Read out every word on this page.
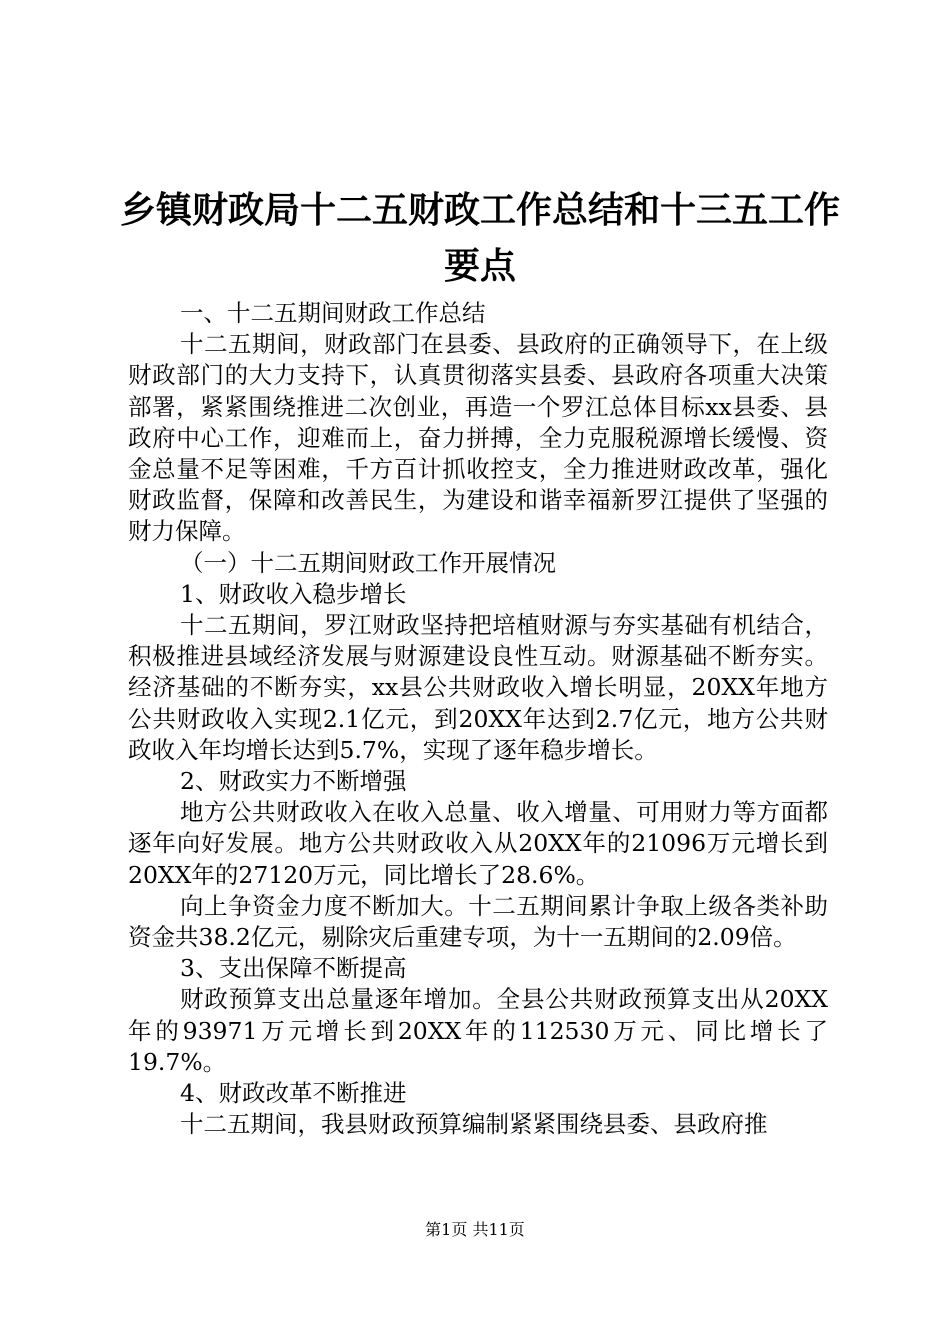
乡镇财政局十二五财政工作总结和十三五工作
要点

一、十二五期间财政工作总结

十二五期间，财政部门在县委、县政府的正确领导下，在上级财政部门的大力支持下，认真贯彻落实县委、县政府各项重大决策部署，紧紧围绕推进二次创业，再造一个罗江总体目标xx县委、县政府中心工作，迎难而上，奋力拼搏，全力克服税源增长缓慢、资金总量不足等困难，千方百计抓收控支，全力推进财政改革，强化财政监督，保障和改善民生，为建设和谐幸福新罗江提供了坚强的财力保障。

（一）十二五期间财政工作开展情况

1、财政收入稳步增长

十二五期间，罗江财政坚持把培植财源与夯实基础有机结合，积极推进县域经济发展与财源建设良性互动。财源基础不断夯实。经济基础的不断夯实，xx县公共财政收入增长明显，20XX年地方公共财政收入实现2.1亿元，到20XX年达到2.7亿元，地方公共财政收入年均增长达到5.7%，实现了逐年稳步增长。

2、财政实力不断增强

地方公共财政收入在收入总量、收入增量、可用财力等方面都逐年向好发展。地方公共财政收入从20XX年的21096万元增长到20XX年的27120万元，同比增长了28.6%。

向上争资金力度不断加大。十二五期间累计争取上级各类补助资金共38.2亿元，剔除灾后重建专项，为十一五期间的2.09倍。

3、支出保障不断提高

财政预算支出总量逐年增加。全县公共财政预算支出从20XX年的93971万元增长到20XX年的112530万元、同比增长了19.7%。

4、财政改革不断推进

十二五期间，我县财政预算编制紧紧围绕县委、县政府推

第1页 共11页
